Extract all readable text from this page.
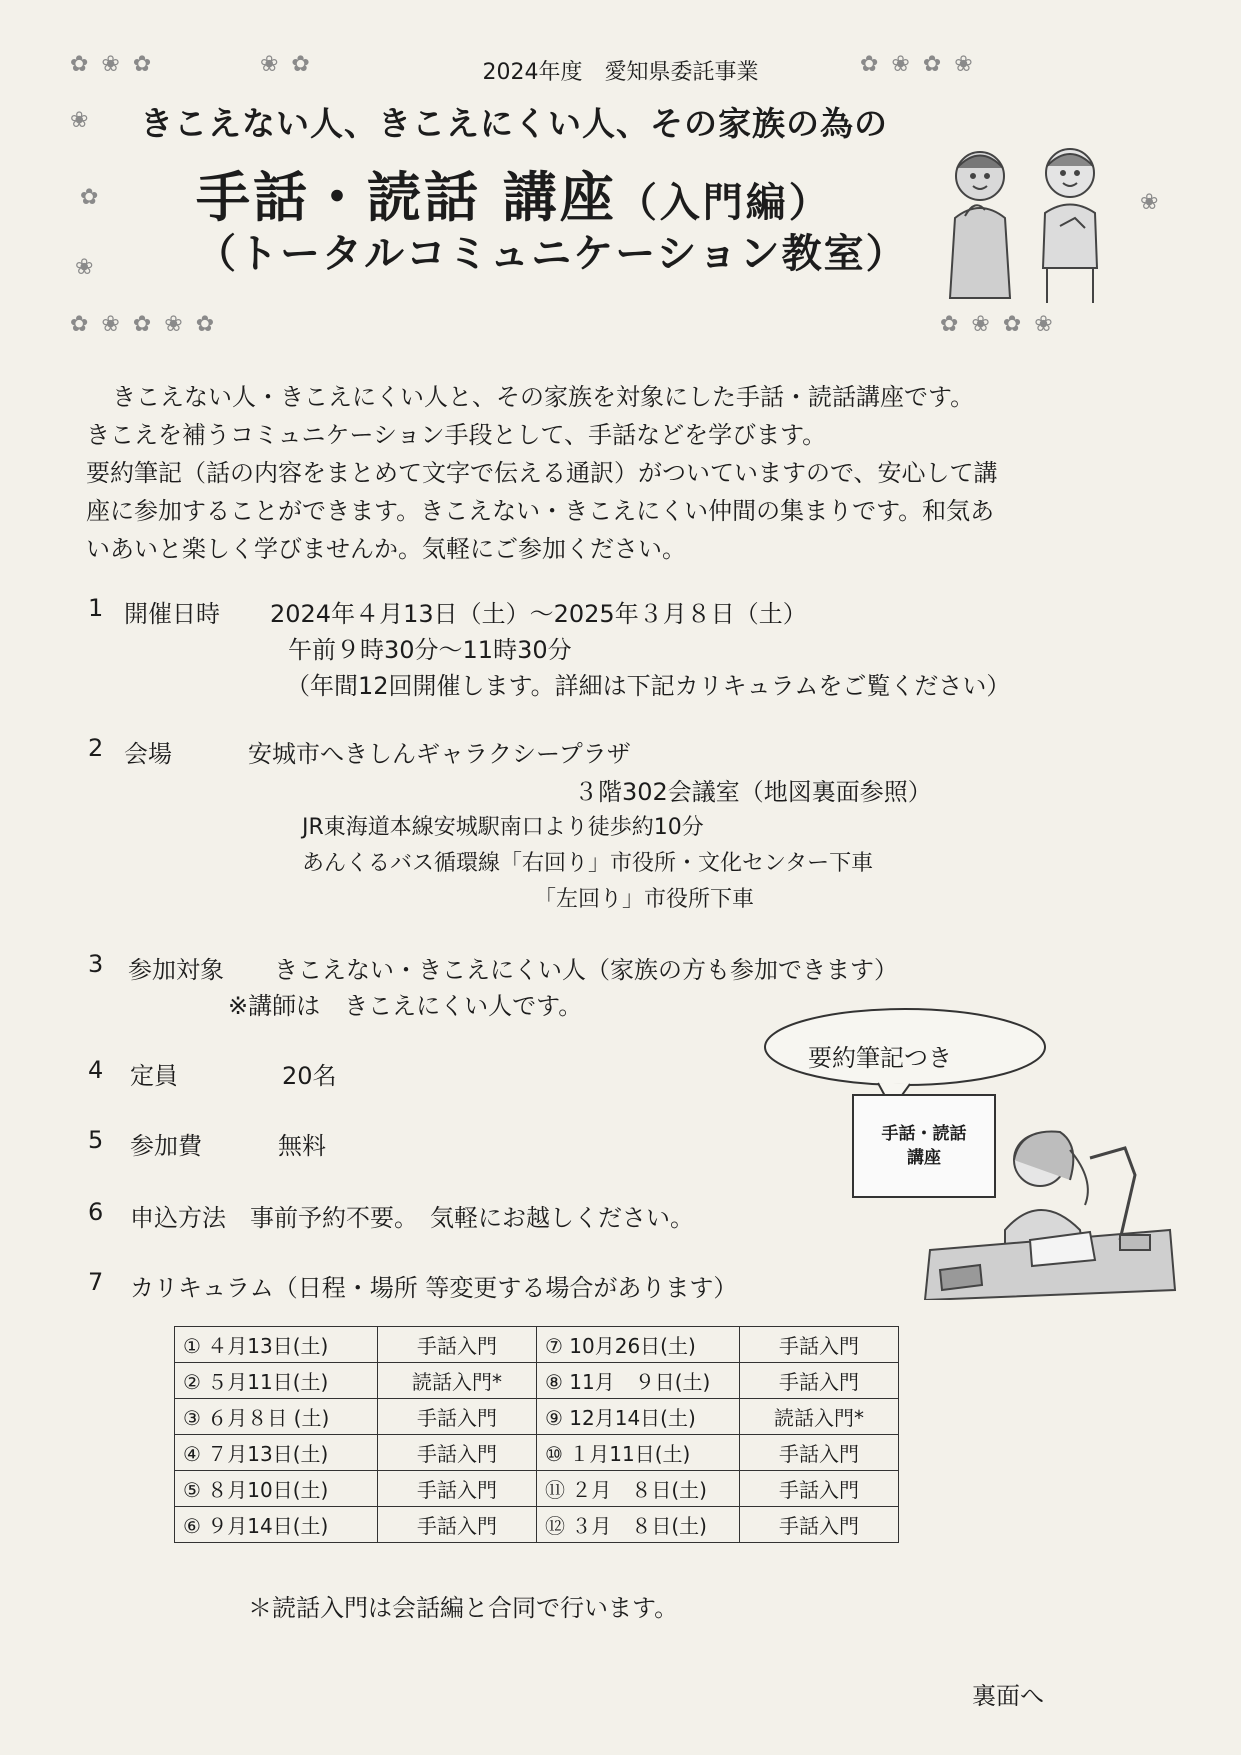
✿ ❀ ✿	❀ ✿	✿ ❀ ✿ ❀
❀
✿
❀
✿ ❀ ✿ ❀ ✿	✿ ❀ ✿ ❀
❀
2024年度　愛知県委託事業
きこえない人、きこえにくい人、その家族の為の
手話・読話 講座（入門編）
（トータルコミュニケーション教室）

きこえない人・きこえにくい人と、その家族を対象にした手話・読話講座です。

きこえを補うコミュニケーション手段として、手話などを学びます。

要約筆記（話の内容をまとめて文字で伝える通訳）がついていますので、安心して講

座に参加することができます。きこえない・きこえにくい仲間の集まりです。和気あ

いあいと楽しく学びませんか。気軽にご参加ください。

1 開催日時 2024年４月13日（土）～2025年３月８日（土）
午前９時30分～11時30分
（年間12回開催します。詳細は下記カリキュラムをご覧ください）
2 会場	安城市へきしんギャラクシープラザ
３階302会議室（地図裏面参照）
JR東海道本線安城駅南口より徒歩約10分
あんくるバス循環線「右回り」市役所・文化センター下車
「左回り」市役所下車
3 参加対象 きこえない・きこえにくい人（家族の方も参加できます）
※講師は　きこえにくい人です。
4 定員	20名
5 参加費	無料
6 申込方法 事前予約不要。　気軽にお越しください。
7 カリキュラム（日程・場所 等変更する場合があります）
要約筆記つき
手話・読話
講座
① ４月13日(土)	手話入門	⑦ 10月26日(土)	手話入門
② ５月11日(土)	読話入門*	⑧ 11月　９日(土)	手話入門
③ ６月８日 (土)	手話入門	⑨ 12月14日(土)	読話入門*
④ ７月13日(土)	手話入門	⑩ １月11日(土)	手話入門
⑤ ８月10日(土)	手話入門	⑪ ２月　８日(土)	手話入門
⑥ ９月14日(土)	手話入門	⑫ ３月　８日(土)	手話入門
＊読話入門は会話編と合同で行います。
裏面へ
